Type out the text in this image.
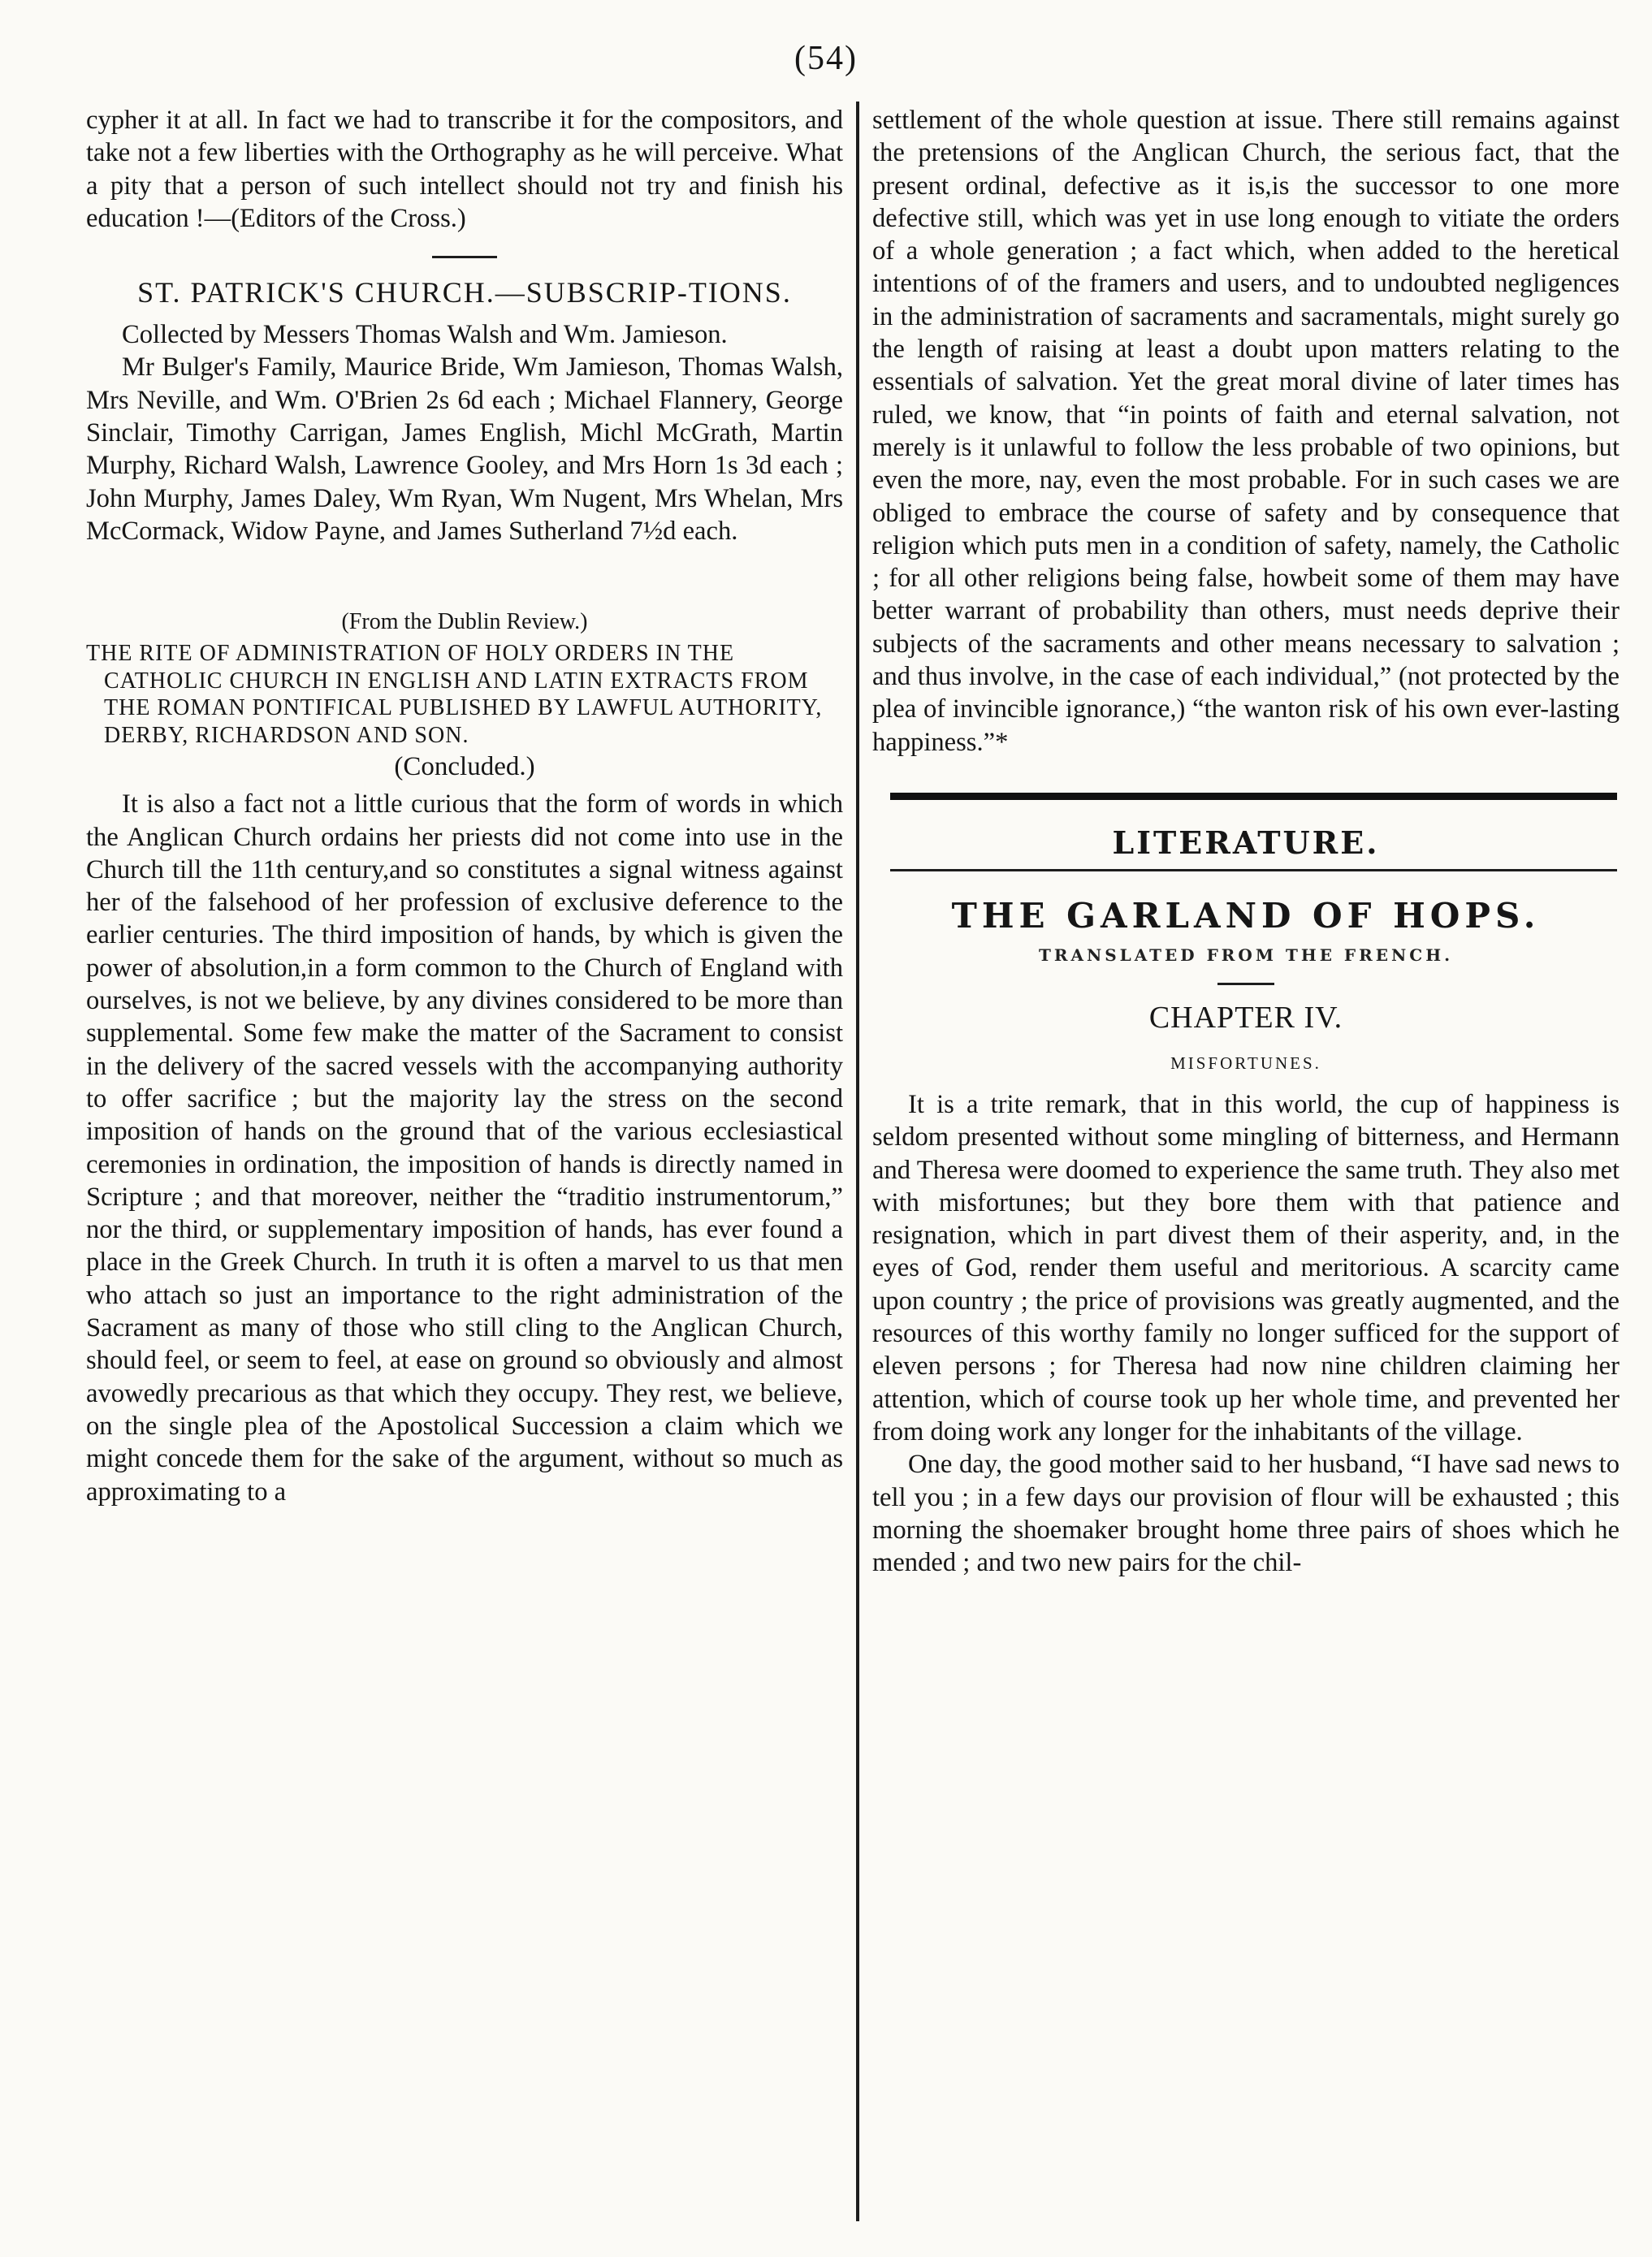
(54)

cypher it at all. In fact we had to transcribe it for the compositors, and take not a few liberties with the Orthography as he will perceive. What a pity that a person of such intellect should not try and finish his education !—(Editors of the Cross.)

ST. PATRICK'S CHURCH.—SUBSCRIP-TIONS.

Collected by Messers Thomas Walsh and Wm. Jamieson.

Mr Bulger's Family, Maurice Bride, Wm Jamieson, Thomas Walsh, Mrs Neville, and Wm. O'Brien 2s 6d each ; Michael Flannery, George Sinclair, Timothy Carrigan, James English, Michl McGrath, Martin Murphy, Richard Walsh, Lawrence Gooley, and Mrs Horn 1s 3d each ; John Murphy, James Daley, Wm Ryan, Wm Nugent, Mrs Whelan, Mrs McCormack, Widow Payne, and James Sutherland 7½d each.

(From the Dublin Review.)
THE RITE OF ADMINISTRATION OF HOLY ORDERS IN THE CATHOLIC CHURCH IN ENGLISH AND LATIN EXTRACTS FROM THE ROMAN PONTIFICAL PUBLISHED BY LAWFUL AUTHORITY, DERBY, RICHARDSON AND SON.
(Concluded.)

It is also a fact not a little curious that the form of words in which the Anglican Church ordains her priests did not come into use in the Church till the 11th century,and so constitutes a signal witness against her of the falsehood of her profession of exclusive deference to the earlier centuries. The third imposition of hands, by which is given the power of absolution,in a form common to the Church of England with ourselves, is not we believe, by any divines considered to be more than supplemental. Some few make the matter of the Sacrament to consist in the delivery of the sacred vessels with the accompanying authority to offer sacrifice ; but the majority lay the stress on the second imposition of hands on the ground that of the various ecclesiastical ceremonies in ordination, the imposition of hands is directly named in Scripture ; and that moreover, neither the “traditio instrumentorum,” nor the third, or supplementary imposition of hands, has ever found a place in the Greek Church. In truth it is often a marvel to us that men who attach so just an importance to the right administration of the Sacrament as many of those who still cling to the Anglican Church, should feel, or seem to feel, at ease on ground so obviously and almost avowedly precarious as that which they occupy. They rest, we believe, on the single plea of the Apostolical Succession a claim which we might concede them for the sake of the argument, without so much as approximating to a

settlement of the whole question at issue. There still remains against the pretensions of the Anglican Church, the serious fact, that the present ordinal, defective as it is,is the successor to one more defective still, which was yet in use long enough to vitiate the orders of a whole generation ; a fact which, when added to the heretical intentions of of the framers and users, and to undoubted negligences in the administration of sacraments and sacramentals, might surely go the length of raising at least a doubt upon matters relating to the essentials of salvation. Yet the great moral divine of later times has ruled, we know, that “in points of faith and eternal salvation, not merely is it unlawful to follow the less probable of two opinions, but even the more, nay, even the most probable. For in such cases we are obliged to embrace the course of safety and by consequence that religion which puts men in a condition of safety, namely, the Catholic ; for all other religions being false, howbeit some of them may have better warrant of probability than others, must needs deprive their subjects of the sacraments and other means necessary to salvation ; and thus involve, in the case of each individual,” (not protected by the plea of invincible ignorance,) “the wanton risk of his own ever-lasting happiness.”*

LITERATURE.
THE GARLAND OF HOPS.
TRANSLATED FROM THE FRENCH.
CHAPTER IV.
MISFORTUNES.

It is a trite remark, that in this world, the cup of happiness is seldom presented without some mingling of bitterness, and Hermann and Theresa were doomed to experience the same truth. They also met with misfortunes; but they bore them with that patience and resignation, which in part divest them of their asperity, and, in the eyes of God, render them useful and meritorious. A scarcity came upon country ; the price of provisions was greatly augmented, and the resources of this worthy family no longer sufficed for the support of eleven persons ; for Theresa had now nine children claiming her attention, which of course took up her whole time, and prevented her from doing work any longer for the inhabitants of the village.

One day, the good mother said to her husband, “I have sad news to tell you ; in a few days our provision of flour will be exhausted ; this morning the shoemaker brought home three pairs of shoes which he mended ; and two new pairs for the chil-
